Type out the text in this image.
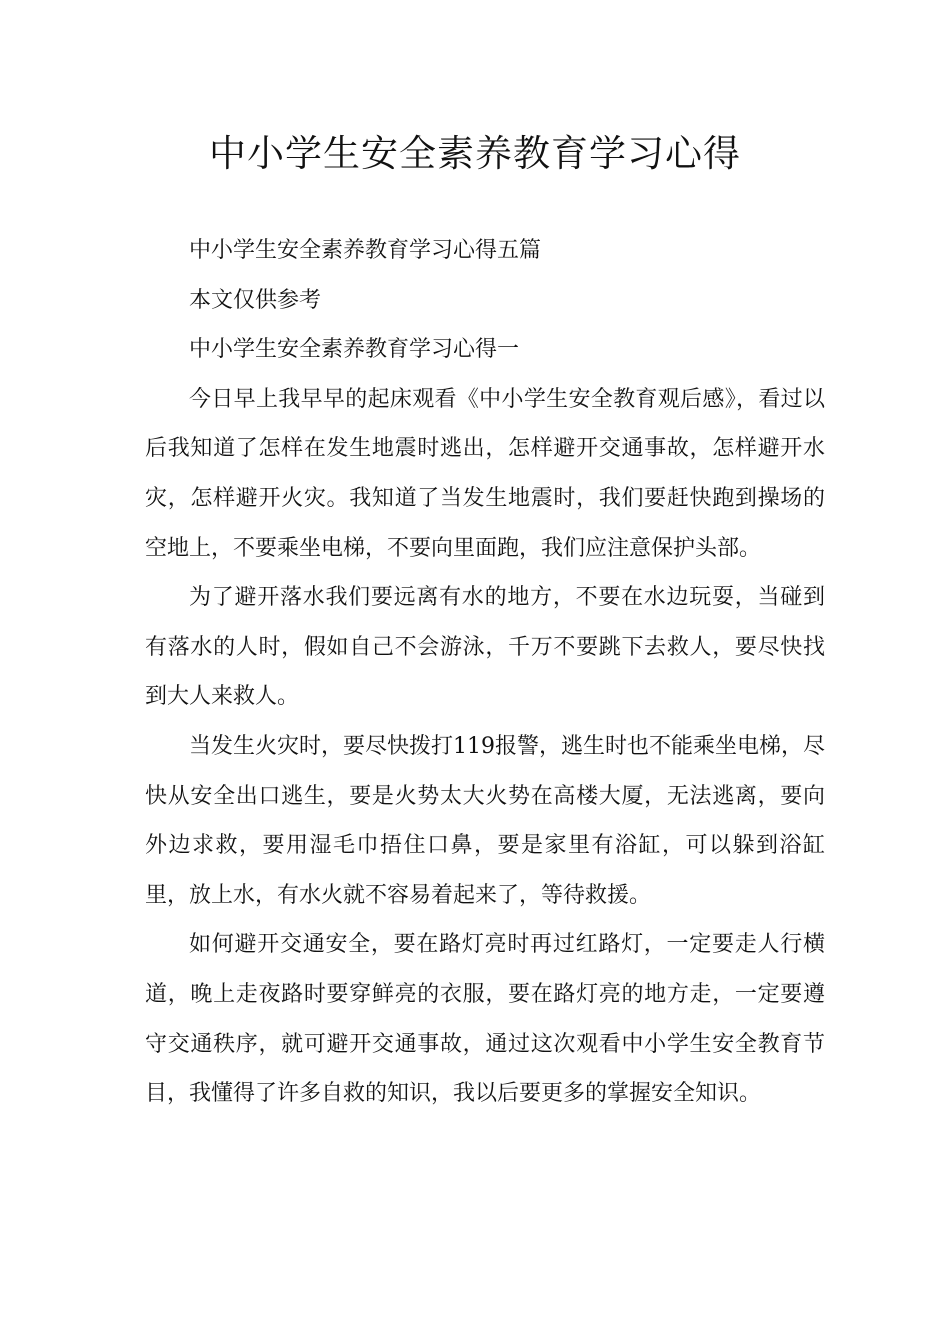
中小学生安全素养教育学习心得

中小学生安全素养教育学习心得五篇

本文仅供参考

中小学生安全素养教育学习心得一

今日早上我早早的起床观看《中小学生安全教育观后感》，看过以后我知道了怎样在发生地震时逃出，怎样避开交通事故，怎样避开水灾，怎样避开火灾。我知道了当发生地震时，我们要赶快跑到操场的空地上，不要乘坐电梯，不要向里面跑，我们应注意保护头部。

为了避开落水我们要远离有水的地方，不要在水边玩耍，当碰到有落水的人时，假如自己不会游泳，千万不要跳下去救人，要尽快找到大人来救人。

当发生火灾时，要尽快拨打119报警，逃生时也不能乘坐电梯，尽快从安全出口逃生，要是火势太大火势在高楼大厦，无法逃离，要向外边求救，要用湿毛巾捂住口鼻，要是家里有浴缸，可以躲到浴缸里，放上水，有水火就不容易着起来了，等待救援。

如何避开交通安全，要在路灯亮时再过红路灯，一定要走人行横道，晚上走夜路时要穿鲜亮的衣服，要在路灯亮的地方走，一定要遵守交通秩序，就可避开交通事故，通过这次观看中小学生安全教育节目，我懂得了许多自救的知识，我以后要更多的掌握安全知识。
